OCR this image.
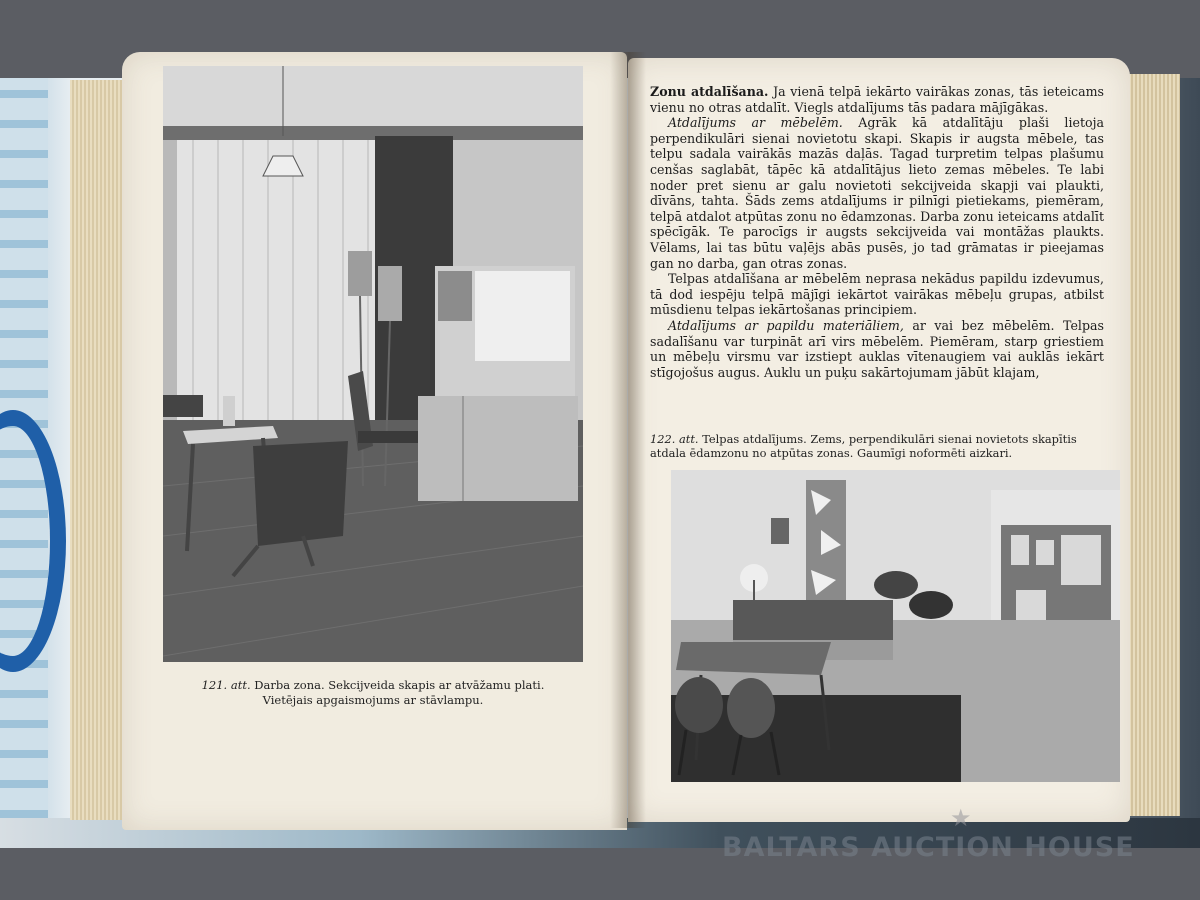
121. att. Darba zona. Sekcijveida skapis ar atvāžamu plati.
Vietējais apgaismojums ar stāvlampu.

Zonu atdalīšana. Ja vienā telpā iekārto vairākas zonas, tās ieteicams vienu no otras atdalīt. Viegls atdalījums tās padara mājīgākas.

Atdalījums ar mēbelēm. Agrāk kā atdalītāju plaši lietoja perpendikulāri sienai novietotu skapi. Skapis ir augsta mēbele, tas telpu sadala vairākās mazās daļās. Tagad turpretim telpas plašumu cenšas saglabāt, tāpēc kā atdalītājus lieto zemas mēbeles. Te labi noder pret sienu ar galu novietoti sekcijveida skapji vai plaukti, dīvāns, tahta. Šāds zems atdalījums ir pilnīgi pietiekams, piemēram, telpā atdalot atpūtas zonu no ēdamzonas. Darba zonu ieteicams atdalīt spēcīgāk. Te parocīgs ir augsts sekcijveida vai montāžas plaukts. Vēlams, lai tas būtu vaļējs abās pusēs, jo tad grāmatas ir pieejamas gan no darba, gan otras zonas.

Telpas atdalīšana ar mēbelēm neprasa nekādus papildu izdevumus, tā dod iespēju telpā mājīgi iekārtot vairākas mēbeļu grupas, atbilst mūsdienu telpas iekārtošanas principiem.

Atdalījums ar papildu materiāliem, ar vai bez mēbelēm. Telpas sadalīšanu var turpināt arī virs mēbelēm. Piemēram, starp griestiem un mēbeļu virsmu var izstiept auklas vītenaugiem vai auklās iekārt stīgojošus augus. Auklu un puķu sakārtojumam jābūt klajam,

122. att. Telpas atdalījums. Zems, perpendikulāri sienai novietots skapītis atdala ēdamzonu no atpūtas zonas. Gaumīgi noformēti aizkari.
★
BALTARS AUCTION HOUSE
